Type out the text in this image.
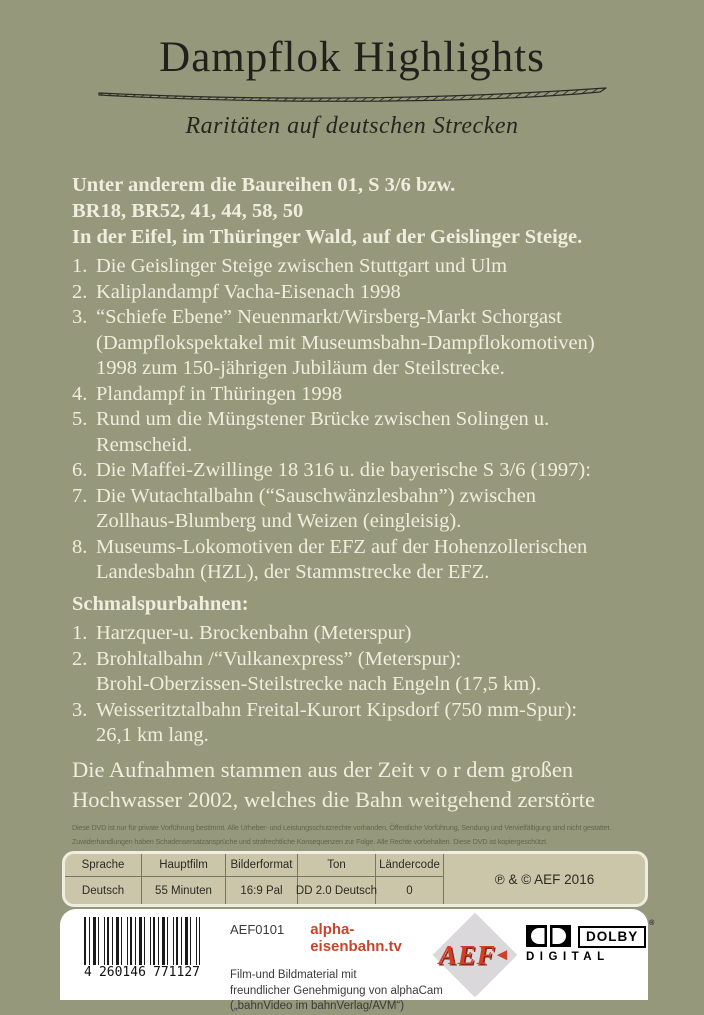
Dampflok Highlights
Raritäten auf deutschen Strecken
Unter anderem die Baureihen 01, S 3/6 bzw.
BR18, BR52, 41, 44, 58, 50
In der Eifel, im Thüringer Wald, auf der Geislinger Steige.
1. Die Geislinger Steige zwischen Stuttgart und Ulm
2. Kaliplandampf Vacha-Eisenach 1998
3. “Schiefe Ebene” Neuenmarkt/Wirsberg-Markt Schorgast
(Dampflokspektakel mit Museumsbahn-Dampflokomotiven)
1998 zum 150-jährigen Jubiläum der Steilstrecke.
4. Plandampf in Thüringen 1998
5. Rund um die Müngstener Brücke zwischen Solingen u.
Remscheid.
6. Die Maffei-Zwillinge 18 316 u. die bayerische S 3/6 (1997):
7. Die Wutachtalbahn (“Sauschwänzlesbahn”) zwischen
Zollhaus-Blumberg und Weizen (eingleisig).
8. Museums-Lokomotiven der EFZ auf der Hohenzollerischen
Landesbahn (HZL), der Stammstrecke der EFZ.
Schmalspurbahnen:
1. Harzquer-u. Brockenbahn (Meterspur)
2. Brohltalbahn /“Vulkanexpress” (Meterspur):
Brohl-Oberzissen-Steilstrecke nach Engeln (17,5 km).
3. Weisseritztalbahn Freital-Kurort Kipsdorf (750 mm-Spur):
26,1 km lang.
Die Aufnahmen stammen aus der Zeit v o r dem großen
Hochwasser 2002, welches die Bahn weitgehend zerstörte
Diese DVD ist nur für private Vorführung bestimmt. Alle Urheber- und Leistungsschutzrechte vorhanden. Öffentliche Vorführung, Sendung und Vervielfältigung sind nicht gestattet.
Zuwiderhandlungen haben Schadensersatzansprüche und strafrechtliche Konsequenzen zur Folge. Alle Rechte vorbehalten. Diese DVD ist kopiergeschützt.
Sprache	Hauptfilm	Bilderformat	Ton	Ländercode
Deutsch	55 Minuten	16:9 Pal	DD 2.0 Deutsch	0
℗ & © AEF 2016
4 260146 771127
AEF0101 alpha-eisenbahn.tv
Film-und Bildmaterial mit
freundlicher Genehmigung von alphaCam
(„bahnVideo im bahnVerlag/AVM“)
AEF
◄
DOLBY
®
DIGITAL
